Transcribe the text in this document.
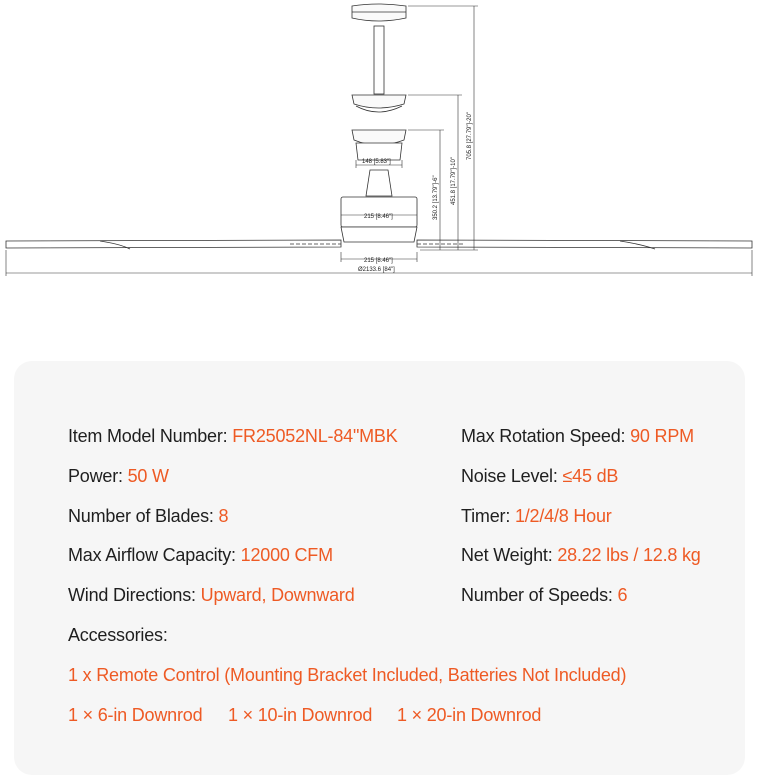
705.8 [27.79"]-20"
451.8 [17.79"]-10"
350.2 [13.79"]-6"
148 [5.83"]
215 [8.46"]
215 [8.46"]
Ø2133.6 [84"]
Item Model Number: FR25052NL-84"MBK
Power: 50 W
Number of Blades: 8
Max Airflow Capacity: 12000 CFM
Wind Directions: Upward, Downward
Max Rotation Speed: 90 RPM
Noise Level: ≤45 dB
Timer: 1/2/4/8 Hour
Net Weight: 28.22 lbs / 12.8 kg
Number of Speeds: 6
Accessories:
1 x Remote Control (Mounting Bracket Included, Batteries Not Included)
1 × 6-in Downrod 1 × 10-in Downrod 1 × 20-in Downrod
